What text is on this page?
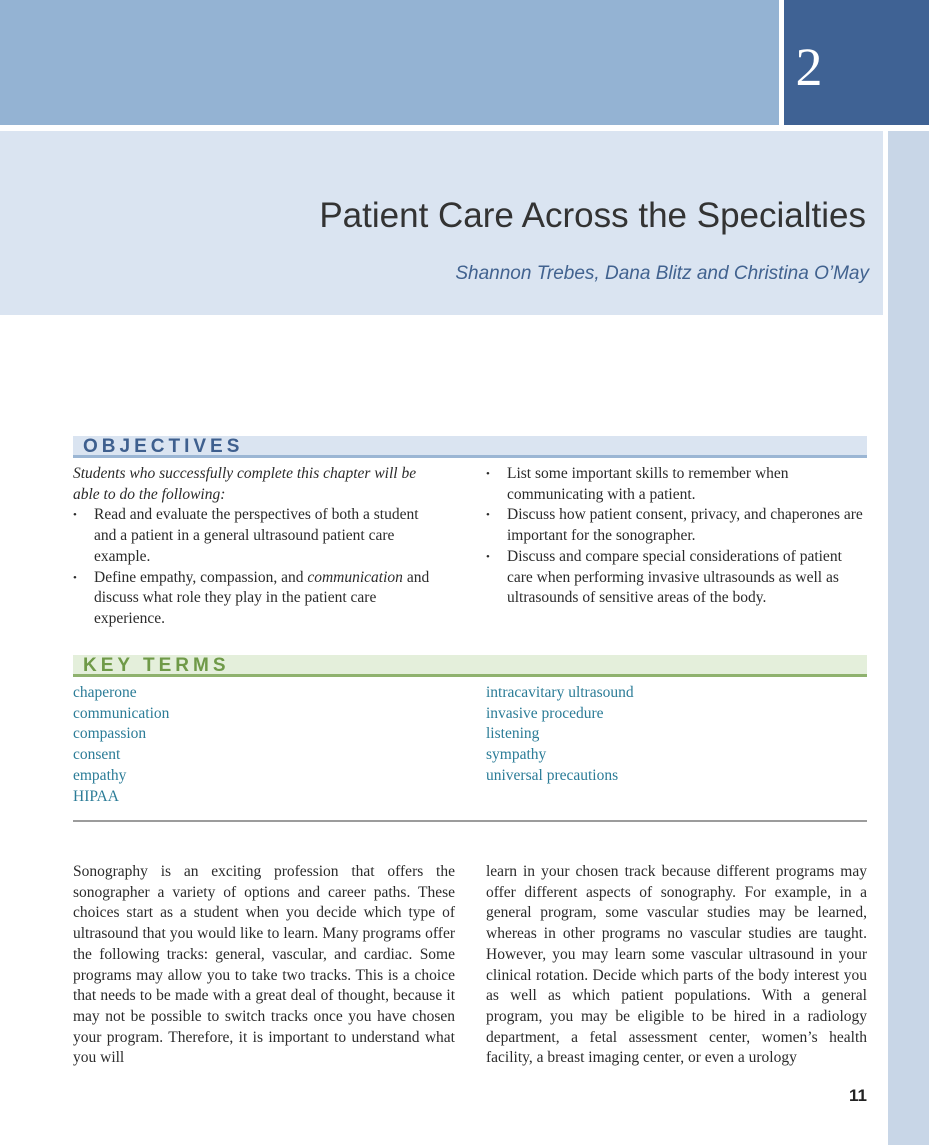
2
Patient Care Across the Specialties
Shannon Trebes, Dana Blitz and Christina O’May
OBJECTIVES
Students who successfully complete this chapter will be able to do the following:
• Read and evaluate the perspectives of both a student and a patient in a general ultrasound patient care example.
• Define empathy, compassion, and communication and discuss what role they play in the patient care experience.
• List some important skills to remember when communicating with a patient.
• Discuss how patient consent, privacy, and chaperones are important for the sonographer.
• Discuss and compare special considerations of patient care when performing invasive ultrasounds as well as ultrasounds of sensitive areas of the body.
KEY TERMS
chaperone
communication
compassion
consent
empathy
HIPAA
intracavitary ultrasound
invasive procedure
listening
sympathy
universal precautions
Sonography is an exciting profession that offers the sonographer a variety of options and career paths. These choices start as a student when you decide which type of ultrasound that you would like to learn. Many programs offer the following tracks: general, vascular, and cardiac. Some programs may allow you to take two tracks. This is a choice that needs to be made with a great deal of thought, because it may not be possible to switch tracks once you have chosen your program. Therefore, it is important to understand what you will
learn in your chosen track because different programs may offer different aspects of sonography. For example, in a general program, some vascular studies may be learned, whereas in other programs no vascular studies are taught. However, you may learn some vascular ultrasound in your clinical rotation. Decide which parts of the body interest you as well as which patient populations. With a general program, you may be eligible to be hired in a radiology department, a fetal assessment center, women’s health facility, a breast imaging center, or even a urology
11
